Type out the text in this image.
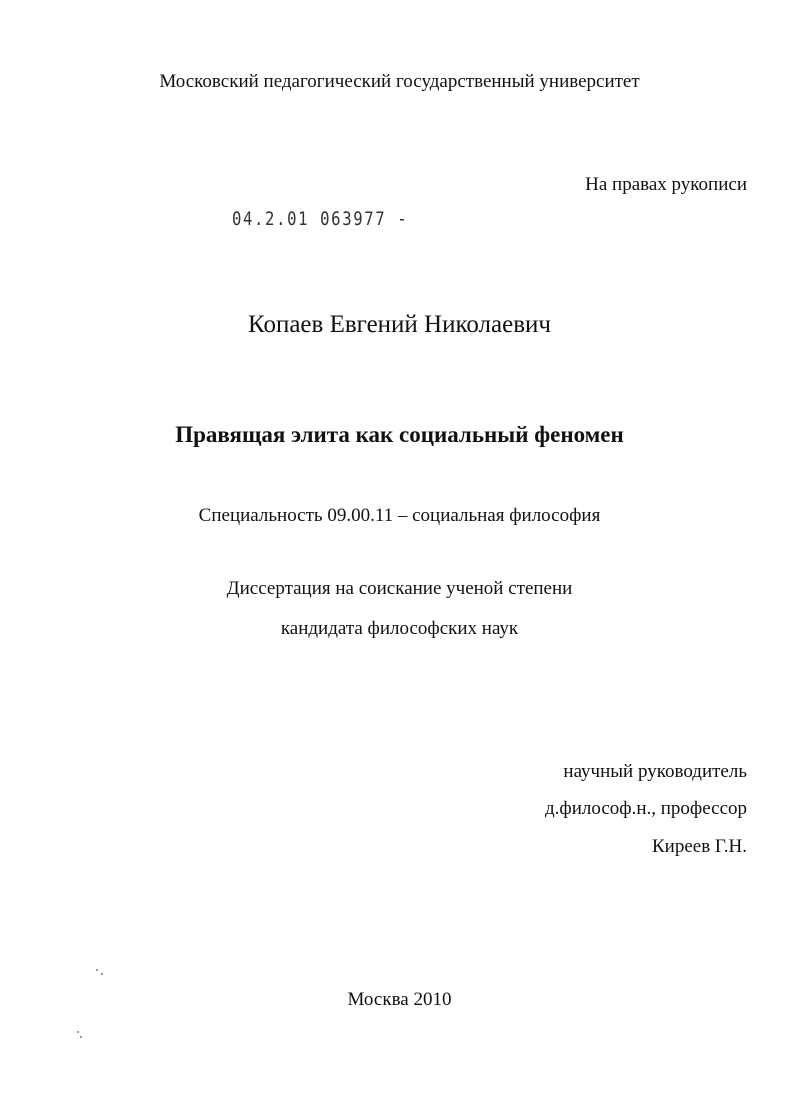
Московский педагогический государственный университет
На правах рукописи
04.2.01 063977 -
Копаев Евгений Николаевич
Правящая элита как социальный феномен
Специальность 09.00.11 – социальная философия
Диссертация на соискание ученой степени
кандидата философских наук
научный руководитель
д.философ.н., профессор
Киреев Г.Н.
Москва 2010
